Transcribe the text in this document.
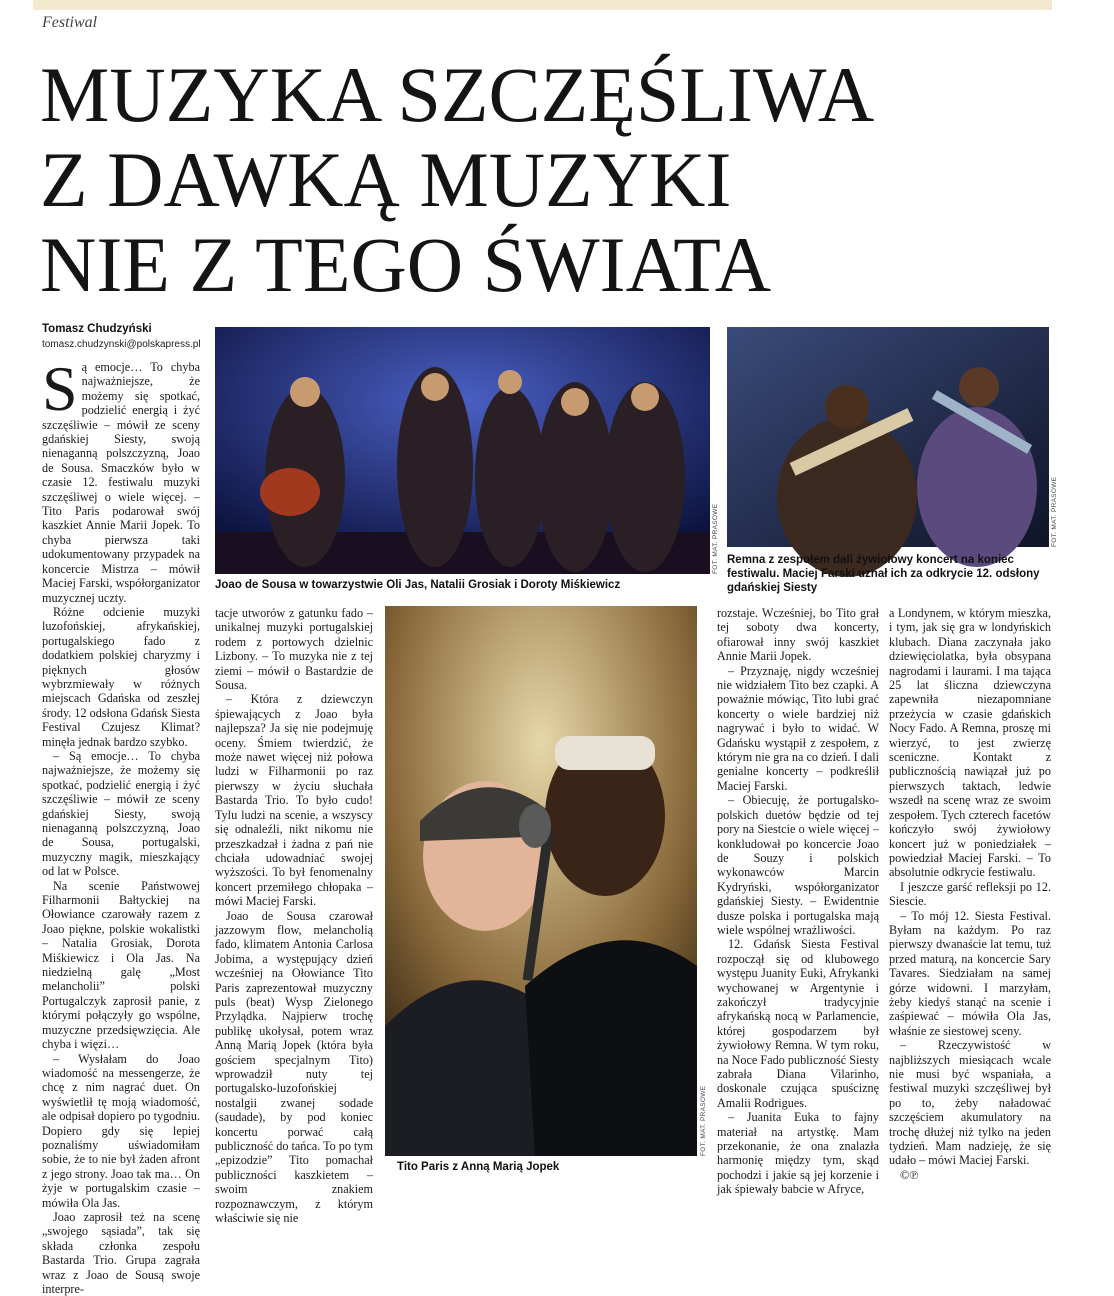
Festiwal
MUZYKA SZCZĘŚLIWA
Z DAWKĄ MUZYKI
NIE Z TEGO ŚWIATA
Tomasz Chudzyński
tomasz.chudzynski@polskapress.pl
S ą emocje… To chyba najważniejsze, że możemy się spotkać, podzielić energią i żyć szczęśliwie – mówił ze sceny gdańskiej Siesty, swoją nienaganną polszczyzną, Joao de Sousa. Smaczków było w czasie 12. festiwalu muzyki szczęśliwej o wiele więcej. – Tito Paris podarował swój kaszkiet Annie Marii Jopek. To chyba pierwsza taki udokumentowany przypadek na koncercie Mistrza – mówił Maciej Farski, współorganizator muzycznej uczty.

Różne odcienie muzyki luzofońskiej, afrykańskiej, portugalskiego fado z dodatkiem polskiej charyzmy i pięknych głosów wybrzmiewały w różnych miejscach Gdańska od zeszłej środy. 12 odsłona Gdańsk Siesta Festival Czujesz Klimat? minęła jednak bardzo szybko.

– Są emocje… To chyba najważniejsze, że możemy się spotkać, podzielić energią i żyć szczęśliwie – mówił ze sceny gdańskiej Siesty, swoją nienaganną polszczyzną, Joao de Sousa, portugalski, muzyczny magik, mieszkający od lat w Polsce.

Na scenie Państwowej Filharmonii Bałtyckiej na Ołowiance czarowały razem z Joao piękne, polskie wokalistki – Natalia Grosiak, Dorota Miśkiewicz i Ola Jas. Na niedzielną galę „Most melancholii” polski Portugalczyk zaprosił panie, z którymi połączyły go wspólne, muzyczne przedsięwzięcia. Ale chyba i więzi…

– Wysłałam do Joao wiadomość na messengerze, że chcę z nim nagrać duet. On wyświetlił tę moją wiadomość, ale odpisał dopiero po tygodniu. Dopiero gdy się lepiej poznaliśmy uświadomiłam sobie, że to nie był żaden afront z jego strony. Joao tak ma… On żyje w portugalskim czasie – mówiła Ola Jas.

Joao zaprosił też na scenę „swojego sąsiada”, tak się składa członka zespołu Bastarda Trio. Grupa zagrała wraz z Joao de Sousą swoje interpre-

FOT. MAT. PRASOWE
Joao de Sousa w towarzystwie Oli Jas, Natalii Grosiak i Doroty Miśkiewicz
FOT. MAT. PRASOWE
Remna z zespołem dali żywiołowy koncert na koniec festiwalu. Maciej Farski uznał ich za odkrycie 12. odsłony gdańskiej Siesty

tacje utworów z gatunku fado – unikalnej muzyki portugalskiej rodem z portowych dzielnic Lizbony. – To muzyka nie z tej ziemi – mówił o Bastardzie de Sousa.

– Która z dziewczyn śpiewających z Joao była najlepsza? Ja się nie podejmuję oceny. Śmiem twierdzić, że może nawet więcej niż połowa ludzi w Filharmonii po raz pierwszy w życiu słuchała Bastarda Trio. To było cudo! Tylu ludzi na scenie, a wszyscy się odnaleźli, nikt nikomu nie przeszkadzał i żadna z pań nie chciała udowadniać swojej wyższości. To był fenomenalny koncert przemiłego chłopaka – mówi Maciej Farski.

Joao de Sousa czarował jazzowym flow, melancholią fado, klimatem Antonia Carlosa Jobima, a występujący dzień wcześniej na Ołowiance Tito Paris zaprezentował muzyczny puls (beat) Wysp Zielonego Przylądka. Najpierw trochę publikę ukołysał, potem wraz Anną Marią Jopek (która była gościem specjalnym Tito) wprowadził nuty tej portugalsko-luzofońskiej nostalgii zwanej sodade (saudade), by pod koniec koncertu porwać całą publiczność do tańca. To po tym „epizodzie” Tito pomachał publiczności kaszkietem – swoim znakiem rozpoznawczym, z którym właściwie się nie

FOT. MAT. PRASOWE
Tito Paris z Anną Marią Jopek

rozstaje. Wcześniej, bo Tito grał tej soboty dwa koncerty, ofiarował inny swój kaszkiet Annie Marii Jopek.

– Przyznaję, nigdy wcześniej nie widziałem Tito bez czapki. A poważnie mówiąc, Tito lubi grać koncerty o wiele bardziej niż nagrywać i było to widać. W Gdańsku wystąpił z zespołem, z którym nie gra na co dzień. I dali genialne koncerty – podkreślił Maciej Farski.

– Obiecuję, że portugalsko-polskich duetów będzie od tej pory na Siestcie o wiele więcej – konkludował po koncercie Joao de Souzy i polskich wykonawców Marcin Kydryński, współorganizator gdańskiej Siesty. – Ewidentnie dusze polska i portugalska mają wiele wspólnej wrażliwości.

12. Gdańsk Siesta Festival rozpoczął się od klubowego występu Juanity Euki, Afrykanki wychowanej w Argentynie i zakończył tradycyjnie afrykańską nocą w Parlamencie, której gospodarzem był żywiołowy Remna. W tym roku, na Noce Fado publiczność Siesty zabrała Diana Vilarinho, doskonale czująca spuściznę Amalii Rodrigues.

– Juanita Euka to fajny materiał na artystkę. Mam przekonanie, że ona znalazła harmonię między tym, skąd pochodzi i jakie są jej korzenie i jak śpiewały babcie w Afryce,

a Londynem, w którym mieszka, i tym, jak się gra w londyńskich klubach. Diana zaczynała jako dziewięciolatka, była obsypana nagrodami i laurami. I ma tająca 25 lat śliczna dziewczyna zapewniła niezapomniane przeżycia w czasie gdańskich Nocy Fado. A Remna, proszę mi wierzyć, to jest zwierzę sceniczne. Kontakt z publicznością nawiązał już po pierwszych taktach, ledwie wszedł na scenę wraz ze swoim zespołem. Tych czterech facetów kończyło swój żywiołowy koncert już w poniedziałek – powiedział Maciej Farski. – To absolutnie odkrycie festiwalu.

I jeszcze garść refleksji po 12. Siescie.

– To mój 12. Siesta Festival. Byłam na każdym. Po raz pierwszy dwanaście lat temu, tuż przed maturą, na koncercie Sary Tavares. Siedziałam na samej górze widowni. I marzyłam, żeby kiedyś stanąć na scenie i zaśpiewać – mówiła Ola Jas, właśnie ze siestowej sceny.

– Rzeczywistość w najbliższych miesiącach wcale nie musi być wspaniała, a festiwal muzyki szczęśliwej był po to, żeby naładować szczęściem akumulatory na trochę dłużej niż tylko na jeden tydzień. Mam nadzieję, że się udało – mówi Maciej Farski.

©℗
